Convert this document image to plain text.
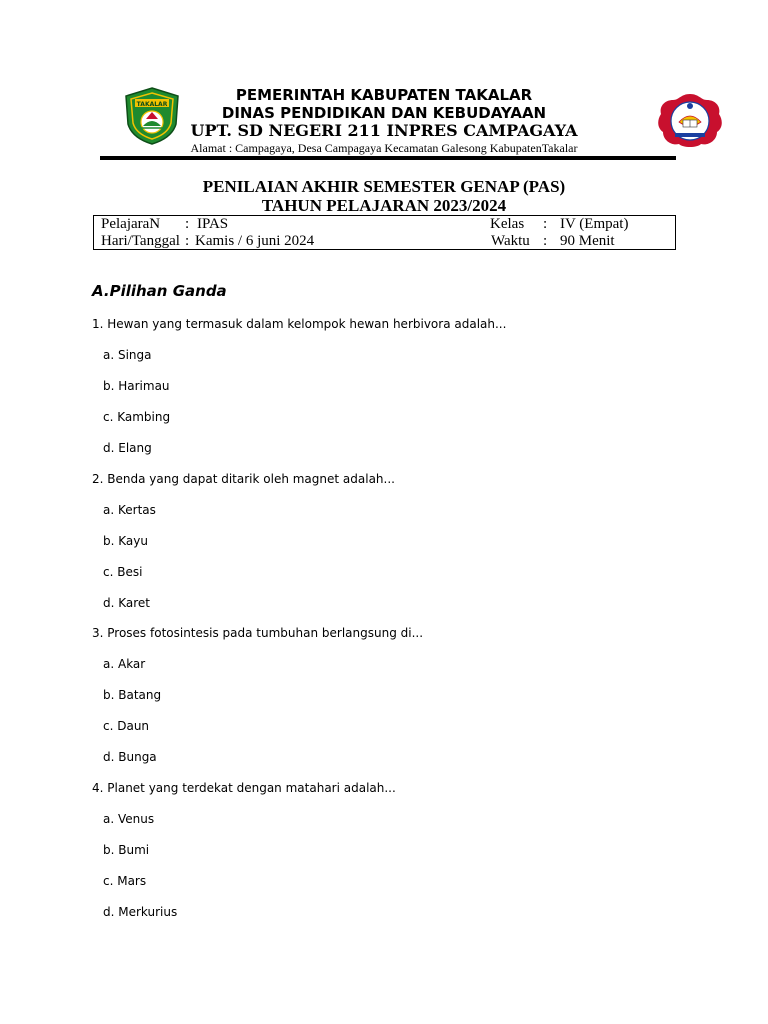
TAKALAR
PEMERINTAH KABUPATEN TAKALAR
DINAS PENDIDIKAN DAN KEBUDAYAAN
UPT. SD NEGERI 211 INPRES CAMPAGAYA
Alamat : Campagaya, Desa Campagaya Kecamatan Galesong KabupatenTakalar
PENILAIAN AKHIR SEMESTER GENAP (PAS)
TAHUN PELAJARAN 2023/2024
PelajaraN : IPAS
Hari/Tanggal : Kamis / 6 juni 2024
Kelas : IV (Empat)
Waktu : 90 Menit
A.Pilihan Ganda
1. Hewan yang termasuk dalam kelompok hewan herbivora adalah...
a. Singa
b. Harimau
c. Kambing
d. Elang
2. Benda yang dapat ditarik oleh magnet adalah...
a. Kertas
b. Kayu
c. Besi
d. Karet
3. Proses fotosintesis pada tumbuhan berlangsung di...
a. Akar
b. Batang
c. Daun
d. Bunga
4. Planet yang terdekat dengan matahari adalah...
a. Venus
b. Bumi
c. Mars
d. Merkurius
